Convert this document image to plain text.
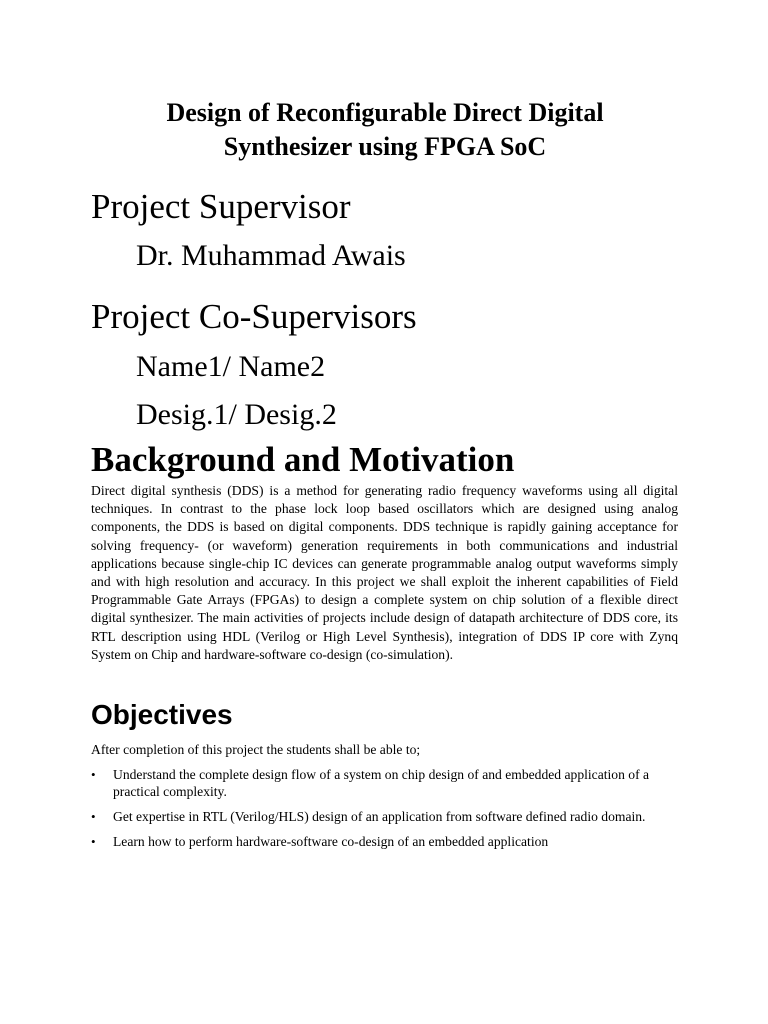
Design of Reconfigurable Direct Digital
Synthesizer using FPGA SoC
Project Supervisor
Dr. Muhammad Awais
Project Co-Supervisors
Name1/ Name2
Desig.1/ Desig.2
Background and Motivation
Direct digital synthesis (DDS) is a method for generating radio frequency waveforms using all digital techniques. In contrast to the phase lock loop based oscillators which are designed using analog components, the DDS is based on digital components. DDS technique is rapidly gaining acceptance for solving frequency- (or waveform) generation requirements in both communications and industrial applications because single-chip IC devices can generate programmable analog output waveforms simply and with high resolution and accuracy. In this project we shall exploit the inherent capabilities of Field Programmable Gate Arrays (FPGAs) to design a complete system on chip solution of a flexible direct digital synthesizer. The main activities of projects include design of datapath architecture of DDS core, its RTL description using HDL (Verilog or High Level Synthesis), integration of DDS IP core with Zynq System on Chip and hardware-software co-design (co-simulation).
Objectives
After completion of this project the students shall be able to;
• Understand the complete design flow of a system on chip design of and embedded application of a practical complexity.
• Get expertise in RTL (Verilog/HLS) design of an application from software defined radio domain.
• Learn how to perform hardware-software co-design of an embedded application
